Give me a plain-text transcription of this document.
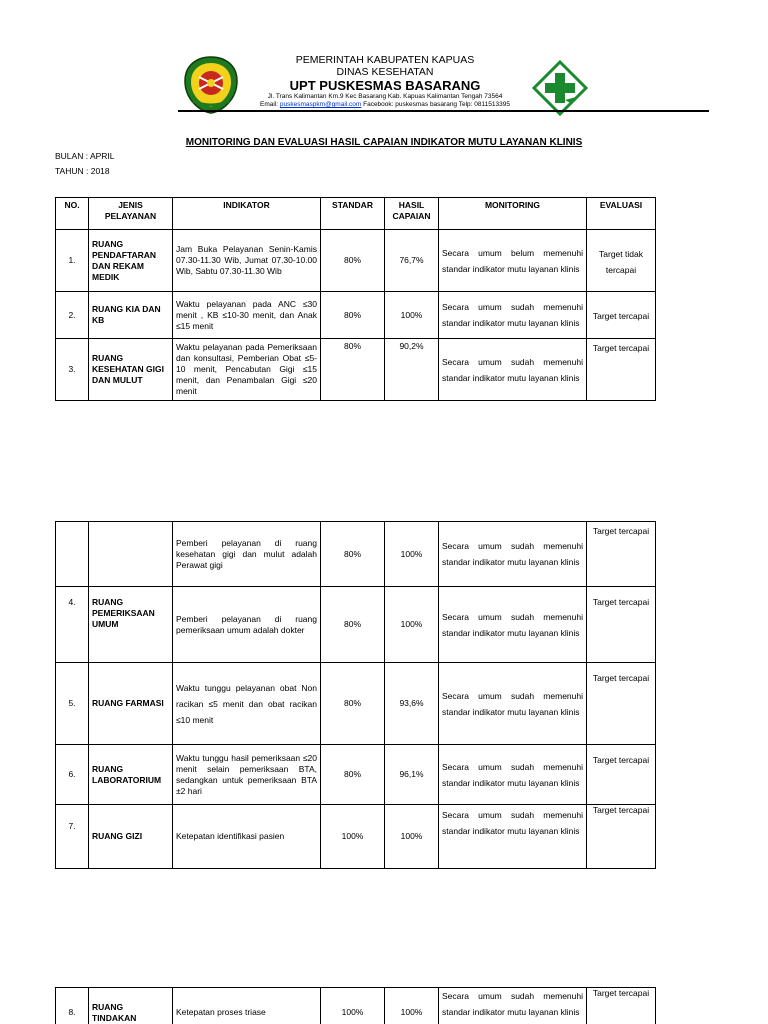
PEMERINTAH KABUPATEN KAPUAS
DINAS KESEHATAN
UPT PUSKESMAS BASARANG
Jl. Trans Kalimantan Km.9 Kec Basarang Kab. Kapuas Kalimantan Tengah 73564
Email: puskesmaspkm@gmail.com Facebook: puskesmas basarang Telp: 0811513395
MONITORING DAN EVALUASI HASIL CAPAIAN INDIKATOR MUTU LAYANAN KLINIS
BULAN : APRIL
TAHUN : 2018
NO.	JENIS PELAYANAN	INDIKATOR	STANDAR	HASIL CAPAIAN	MONITORING	EVALUASI
1.	RUANG PENDAFTARAN DAN REKAM MEDIK	Jam Buka Pelayanan Senin-Kamis 07.30-11.30 Wib, Jumat 07.30-10.00 Wib, Sabtu 07.30-11.30 Wib	80%	76,7%	Secara umum belum memenuhi standar indikator mutu layanan klinis	Target tidak tercapai
2.	RUANG KIA DAN KB	Waktu pelayanan pada ANC ≤30 menit , KB ≤10-30 menit, dan Anak ≤15 menit	80%	100%	Secara umum sudah memenuhi standar indikator mutu layanan klinis	Target tercapai
3.	RUANG KESEHATAN GIGI DAN MULUT	Waktu pelayanan pada Pemeriksaan dan konsultasi, Pemberian Obat ≤5-10 menit, Pencabutan Gigi ≤15 menit, dan Penambalan Gigi ≤20 menit	80%	90,2%	Secara umum sudah memenuhi standar indikator mutu layanan klinis	Target tercapai
		Pemberi pelayanan di ruang kesehatan gigi dan mulut adalah Perawat gigi	80%	100%	Secara umum sudah memenuhi standar indikator mutu layanan klinis	Target tercapai
4.	RUANG PEMERIKSAAN UMUM	Pemberi pelayanan di ruang pemeriksaan umum adalah dokter	80%	100%	Secara umum sudah memenuhi standar indikator mutu layanan klinis	Target tercapai
5.	RUANG FARMASI	Waktu tunggu pelayanan obat Non racikan ≤5 menit dan obat racikan ≤10 menit	80%	93,6%	Secara umum sudah memenuhi standar indikator mutu layanan klinis	Target tercapai
6.	RUANG LABORATORIUM	Waktu tunggu hasil pemeriksaan ≤20 menit selain pemeriksaan BTA, sedangkan untuk pemeriksaan BTA ±2 hari	80%	96,1%	Secara umum sudah memenuhi standar indikator mutu layanan klinis	Target tercapai
7.	RUANG GIZI	Ketepatan identifikasi pasien	100%	100%	Secara umum sudah memenuhi standar indikator mutu layanan klinis	Target tercapai
8.	RUANG TINDAKAN	Ketepatan proses triase	100%	100%	Secara umum sudah memenuhi standar indikator mutu layanan klinis	Target tercapai
